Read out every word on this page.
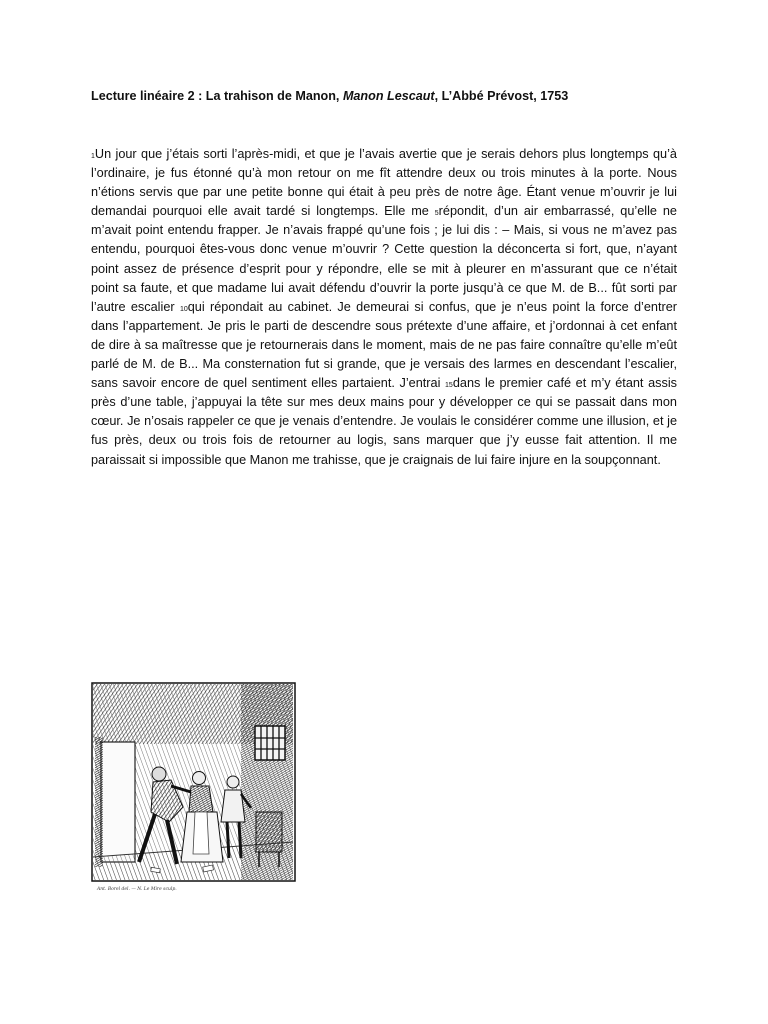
Lecture linéaire 2 : La trahison de Manon, Manon Lescaut, L’Abbé Prévost, 1753

1Un jour que j’étais sorti l’après-midi, et que je l’avais avertie que je serais dehors plus longtemps qu’à l’ordinaire, je fus étonné qu’à mon retour on me fît attendre deux ou trois minutes à la porte. Nous n’étions servis que par une petite bonne qui était à peu près de notre âge. Étant venue m’ouvrir je lui demandai pourquoi elle avait tardé si longtemps. Elle me 5répondit, d’un air embarrassé, qu’elle ne m’avait point entendu frapper. Je n’avais frappé qu’une fois ; je lui dis : – Mais, si vous ne m’avez pas entendu, pourquoi êtes-vous donc venue m’ouvrir ? Cette question la déconcerta si fort, que, n’ayant point assez de présence d’esprit pour y répondre, elle se mit à pleurer en m’assurant que ce n’était point sa faute, et que madame lui avait défendu d’ouvrir la porte jusqu’à ce que M. de B... fût sorti par l’autre escalier 10qui répondait au cabinet. Je demeurai si confus, que je n’eus point la force d’entrer dans l’appartement. Je pris le parti de descendre sous prétexte d’une affaire, et j’ordonnai à cet enfant de dire à sa maîtresse que je retournerais dans le moment, mais de ne pas faire connaître qu’elle m’eût parlé de M. de B... Ma consternation fut si grande, que je versais des larmes en descendant l’escalier, sans savoir encore de quel sentiment elles partaient. J’entrai 15dans le premier café et m’y étant assis près d’une table, j’appuyai la tête sur mes deux mains pour y développer ce qui se passait dans mon cœur. Je n’osais rappeler ce que je venais d’entendre. Je voulais le considérer comme une illusion, et je fus près, deux ou trois fois de retourner au logis, sans marquer que j’y eusse fait attention. Il me paraissait si impossible que Manon me trahisse, que je craignais de lui faire injure en la soupçonnant.

Ant. Borel del. — N. Le Mire sculp.
